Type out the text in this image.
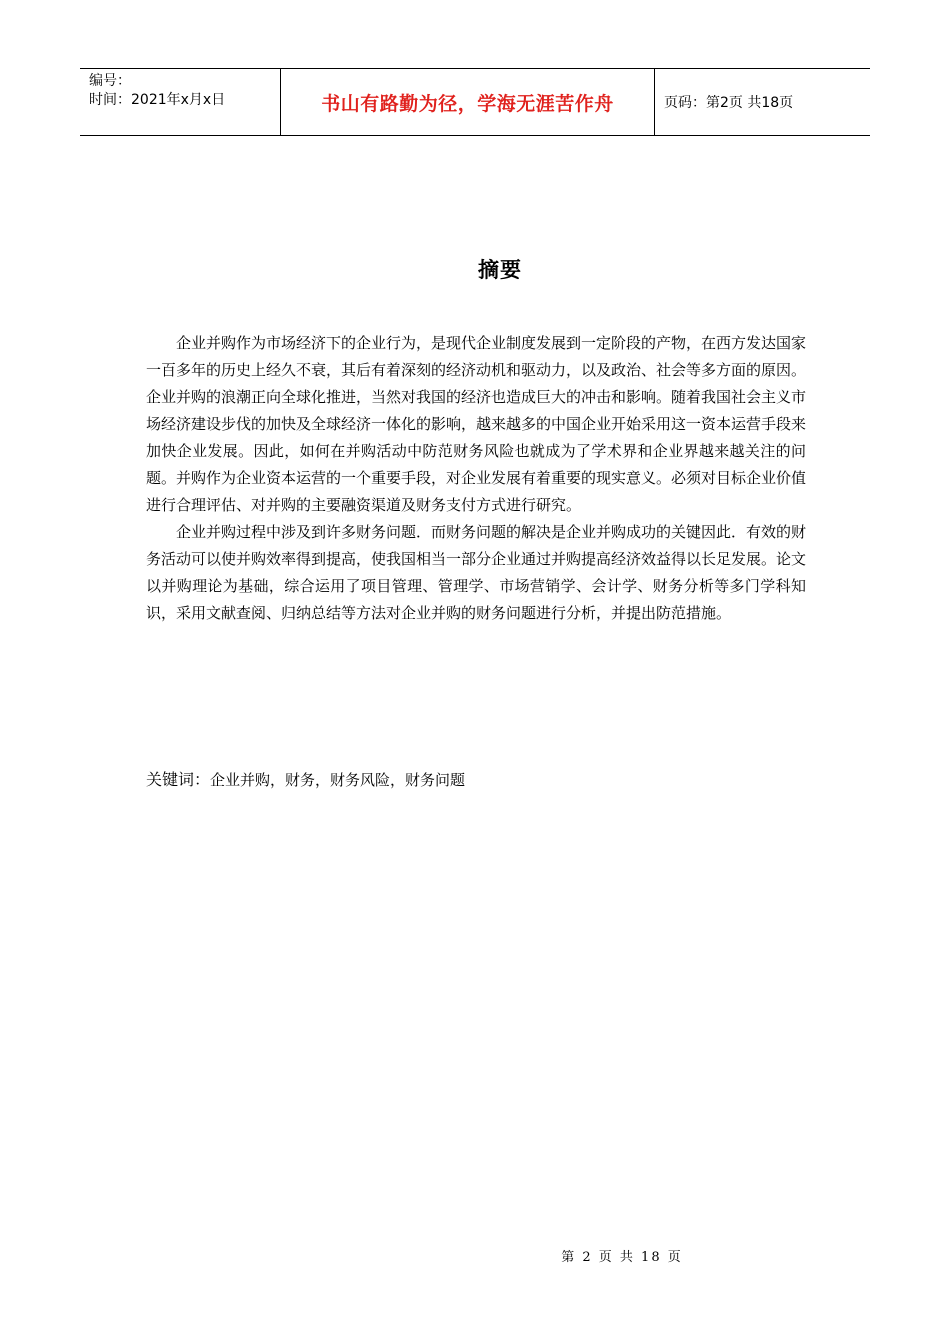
编号：
时间：2021年x月x日	书山有路勤为径，学海无涯苦作舟	页码：第2页 共18页
摘要

企业并购作为市场经济下的企业行为，是现代企业制度发展到一定阶段的产物，在西方发达国家一百多年的历史上经久不衰，其后有着深刻的经济动机和驱动力，以及政治、社会等多方面的原因。企业并购的浪潮正向全球化推进，当然对我国的经济也造成巨大的冲击和影响。随着我国社会主义市场经济建设步伐的加快及全球经济一体化的影响，越来越多的中国企业开始采用这一资本运营手段来加快企业发展。因此，如何在并购活动中防范财务风险也就成为了学术界和企业界越来越关注的问题。并购作为企业资本运营的一个重要手段，对企业发展有着重要的现实意义。必须对目标企业价值进行合理评估、对并购的主要融资渠道及财务支付方式进行研究。

企业并购过程中涉及到许多财务问题．而财务问题的解决是企业并购成功的关键因此．有效的财务活动可以使并购效率得到提高，使我国相当一部分企业通过并购提高经济效益得以长足发展。论文以并购理论为基础，综合运用了项目管理、管理学、市场营销学、会计学、财务分析等多门学科知识，采用文献查阅、归纳总结等方法对企业并购的财务问题进行分析，并提出防范措施。

关键词：企业并购，财务，财务风险，财务问题
第 2 页 共 18 页
